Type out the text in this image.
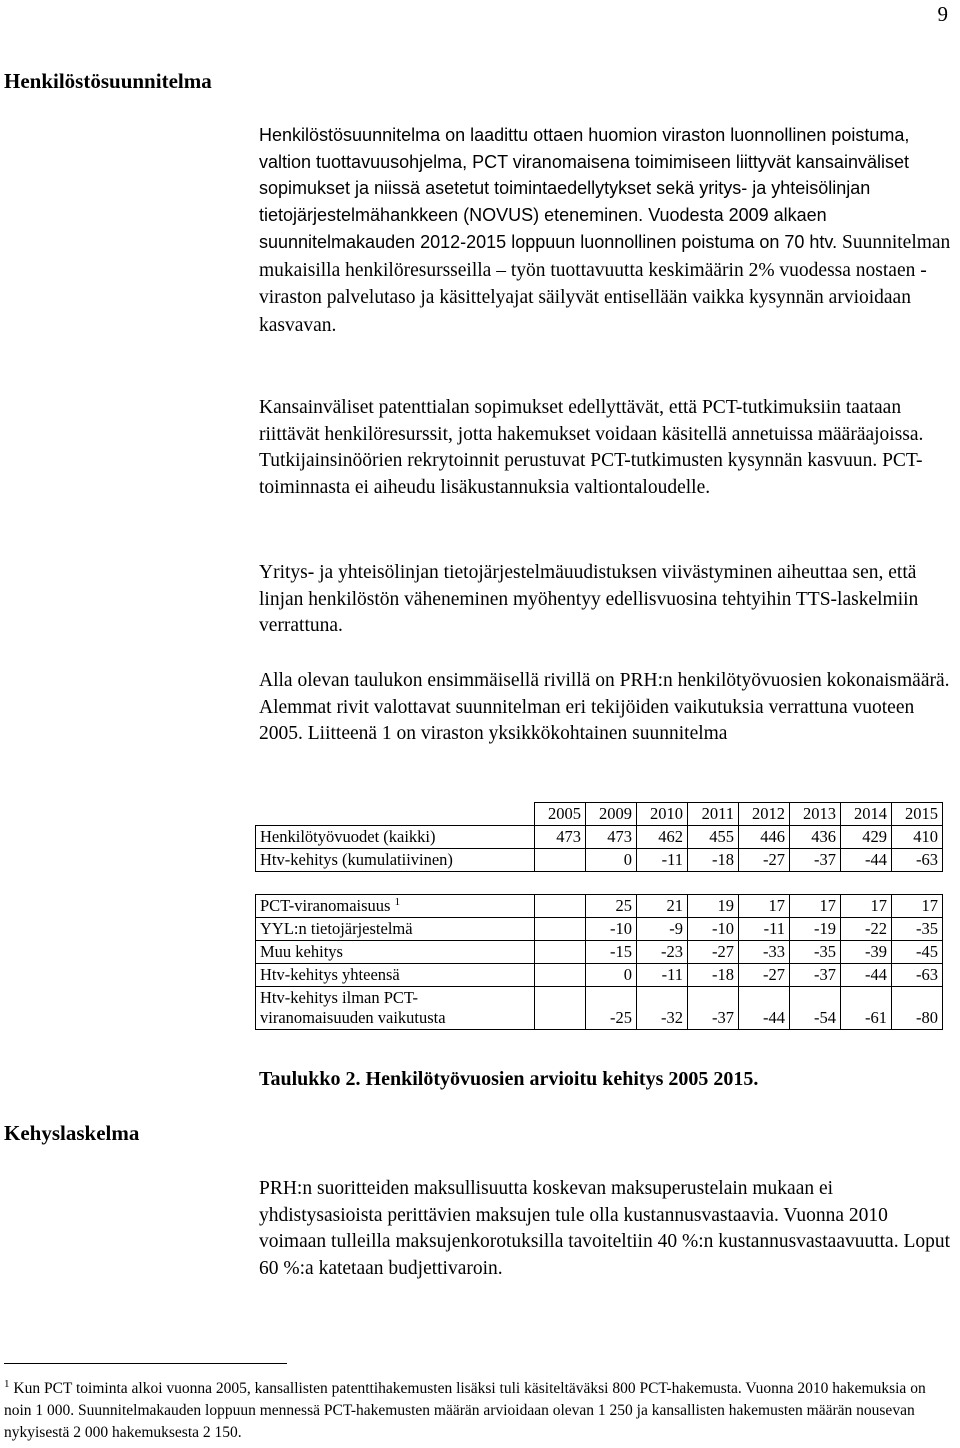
9
Henkilöstösuunnitelma

Henkilöstösuunnitelma on laadittu ottaen huomion viraston luonnollinen poistuma, valtion tuottavuusohjelma, PCT viranomaisena toimimiseen liittyvät kansainväliset sopimukset ja niissä asetetut toimintaedellytykset sekä yritys- ja yhteisölinjan tietojärjestelmähankkeen (NOVUS) eteneminen. Vuodesta 2009 alkaen suunnitelmakauden 2012-2015 loppuun luonnollinen poistuma on 70 htv. Suunnitelman mukaisilla henkilöresursseilla – työn tuottavuutta keskimäärin 2% vuodessa nostaen - viraston palvelutaso ja käsittelyajat säilyvät entisellään vaikka kysynnän arvioidaan kasvavan.

Kansainväliset patenttialan sopimukset edellyttävät, että PCT-tutkimuksiin taataan riittävät henkilöresurssit, jotta hakemukset voidaan käsitellä annetuissa määräajoissa. Tutkijainsinöörien rekrytoinnit perustuvat PCT-tutkimusten kysynnän kasvuun. PCT-toiminnasta ei aiheudu lisäkustannuksia valtiontaloudelle.

Yritys- ja yhteisölinjan tietojärjestelmäuudistuksen viivästyminen aiheuttaa sen, että linjan henkilöstön väheneminen myöhentyy edellisvuosina tehtyihin TTS-laskelmiin verrattuna.

Alla olevan taulukon ensimmäisellä rivillä on PRH:n henkilötyövuosien kokonaismäärä. Alemmat rivit valottavat suunnitelman eri tekijöiden vaikutuksia verrattuna vuoteen 2005. Liitteenä 1 on viraston yksikkökohtainen suunnitelma

	2005	2009	2010	2011	2012	2013	2014	2015
Henkilötyövuodet (kaikki)	473	473	462	455	446	436	429	410
Htv-kehitys (kumulatiivinen)		0	-11	-18	-27	-37	-44	-63

PCT-viranomaisuus $^1$		25	21	19	17	17	17	17
YYL:n tietojärjestelmä		-10	-9	-10	-11	-19	-22	-35
Muu kehitys		-15	-23	-27	-33	-35	-39	-45
Htv-kehitys yhteensä		0	-11	-18	-27	-37	-44	-63
Htv-kehitys ilman PCT-
viranomaisuuden vaikutusta		-25	-32	-37	-44	-54	-61	-80
Taulukko 2. Henkilötyövuosien arvioitu kehitys 2005 2015.
Kehyslaskelma

PRH:n suoritteiden maksullisuutta koskevan maksuperustelain mukaan ei yhdistysasioista perittävien maksujen tule olla kustannusvastaavia. Vuonna 2010 voimaan tulleilla maksujenkorotuksilla tavoiteltiin 40 %:n kustannusvastaavuutta. Loput 60 %:a katetaan budjettivaroin.

$^1$ Kun PCT toiminta alkoi vuonna 2005, kansallisten patenttihakemusten lisäksi tuli käsiteltäväksi 800 PCT-hakemusta. Vuonna 2010 hakemuksia on noin 1 000. Suunnitelmakauden loppuun mennessä PCT-hakemusten määrän arvioidaan olevan 1 250 ja kansallisten hakemusten määrän nousevan nykyisestä 2 000 hakemuksesta 2 150.
